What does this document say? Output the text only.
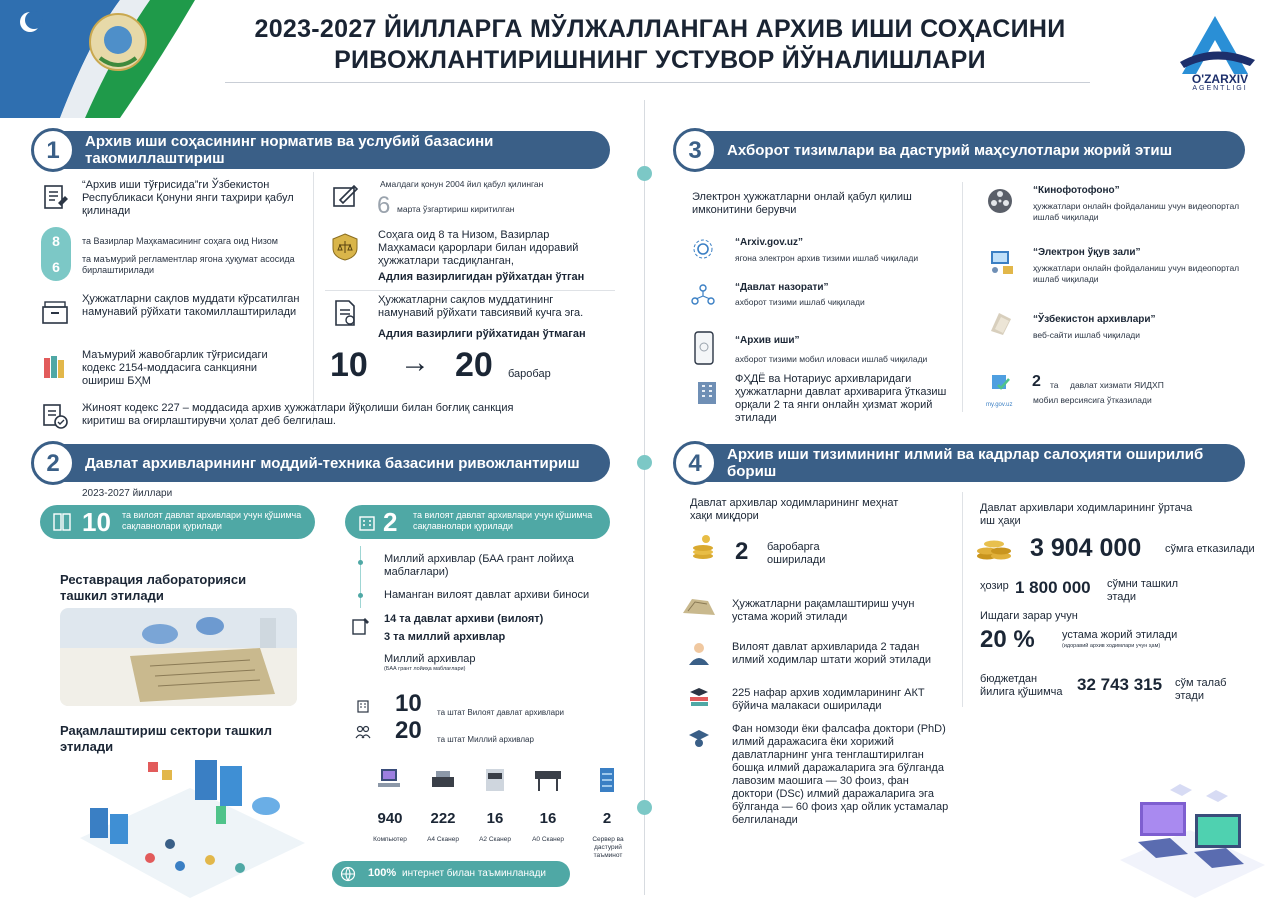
2023-2027 ЙИЛЛАРГА МЎЛЖАЛЛАНГАН АРХИВ ИШИ СОҲАСИНИ
РИВОЖЛАНТИРИШНИНГ УСТУВОР ЙЎНАЛИШЛАРИ
O'ZARXIV
AGENTLIGI
1	Архив иши соҳасининг норматив ва услубий базасини такомиллаштириш
“Архив иши тўғрисида”ги Ўзбекистон Республикаси Қонуни янги таҳрири қабул қилинади
Амалдаги қонун 2004 йил қабул қилинган
6 марта ўзгартириш киритилган
8
6
та Вазирлар Маҳкамасининг соҳага оид Низом
та маъмурий регламентлар ягона ҳуқумат асосида бирлаштирилади
Соҳага оид 8 та Низом, Вазирлар Маҳкамаси қарорлари билан идоравий ҳужжатлари тасдиқланган,
Адлия вазирлигидан рўйхатдан ўтган
Ҳужжатларни сақлов муддати кўрсатилган намунавий рўйхати такомиллаштирилади
Ҳужжатларни сақлов муддатининг намунавий рўйхати тавсиявий кучга эга.
Адлия вазирлиги рўйхатидан ўтмаган
Маъмурий жавобгарлик тўғрисидаги кодекс 2154-моддасига санкцияни ошириш БҲМ	10 → 20 баробар
Жиноят кодекс 227 – моддасида архив ҳужжатлари йўқолиши билан боғлиқ санкция киритиш ва оғирлаштирувчи ҳолат деб белгилаш.
2	Давлат архивларининг моддий-техника базасини ривожлантириш
2023-2027 йиллари
10 та вилоят давлат архивлари учун қўшимча сақлавнолари қурилади	2 та вилоят давлат архивлари учун қўшимча сақлавнолари қурилади
Миллий архивлар (БАА грант лойиҳа маблағлари)
Наманган вилоят давлат архиви биноси
14 та давлат архиви (вилоят)
3 та миллий архивлар
Миллий архивлар
(БАА грант лойиҳа маблағлари)
Реставрация лабораторияси ташкил этилади
Рақамлаштириш сектори ташкил этилади
10 та штат Вилоят давлат архивлари
20 та штат Миллий архивлар
940
Компьютер
222
А4 Сканер
16
А2 Сканер
16
А0 Сканер
2
Сервер ва дастурий таъминот
100% интернет билан таъминланади
3	Ахборот тизимлари ва дастурий маҳсулотлари жорий этиш
Электрон ҳужжатларни онлай қабул қилиш имконитини берувчи
“Arxiv.gov.uz”
ягона электрон архив тизими ишлаб чиқилади
“Давлат назорати”
ахборот тизими ишлаб чиқилади
“Архив иши”
ахборот тизими мобил иловаси ишлаб чиқилади
ФҲДЁ ва Нотариус архивларидаги ҳужжатларни давлат архиварига ўтказиш орқали 2 та янги онлайн ҳизмат жорий этилади
“Кинофотофоно”
ҳужжатлари онлайн фойдаланиш учун видеопортал ишлаб чиқилади
“Электрон ўқув зали”
ҳужжатлари онлайн фойдаланиш учун видеопортал ишлаб чиқилади
“Ўзбекистон архивлари”
веб-сайти ишлаб чиқилади
my.gov.uz
2 та давлат хизмати ЯИДХП
мобил версиясига ўтказилади
4	Архив иши тизимининг илмий ва кадрлар салоҳияти оширилиб бориш
Давлат архивлар ходимларининг меҳнат хақи миқдори
2 бароб​арга оширилади
Давлат архивлари ходимларининг ўртача иш ҳақи
3 904 000 сўмга етказилади
ҳозир 1 800 000 сўмни ташкил этади
Ишдаги зарар учун
20 % устама жорий этилади
(идоравий архив ходимлари учун ҳам)
бюджетдан йилига қўшимча 32 743 315 сўм талаб этади
Ҳужжатларни рақамлаштириш учун устама жорий этилади
Вилоят давлат архивларида 2 тадан илмий ходимлар штати жорий этилади
225 нафар архив ходимларининг АКТ бўйича малакаси оширилади
Фан номзоди ёки фалсафа доктори (PhD) илмий даражасига ёки хорижий давлатларнинг унга тенглаштирилган бошқа илмий даражаларига эга бўлганда лавозим маошига — 30 фоиз, фан доктори (DSc) илмий даражаларига эга бўлганда — 60 фоиз ҳар ойлик устамалар белгиланади
